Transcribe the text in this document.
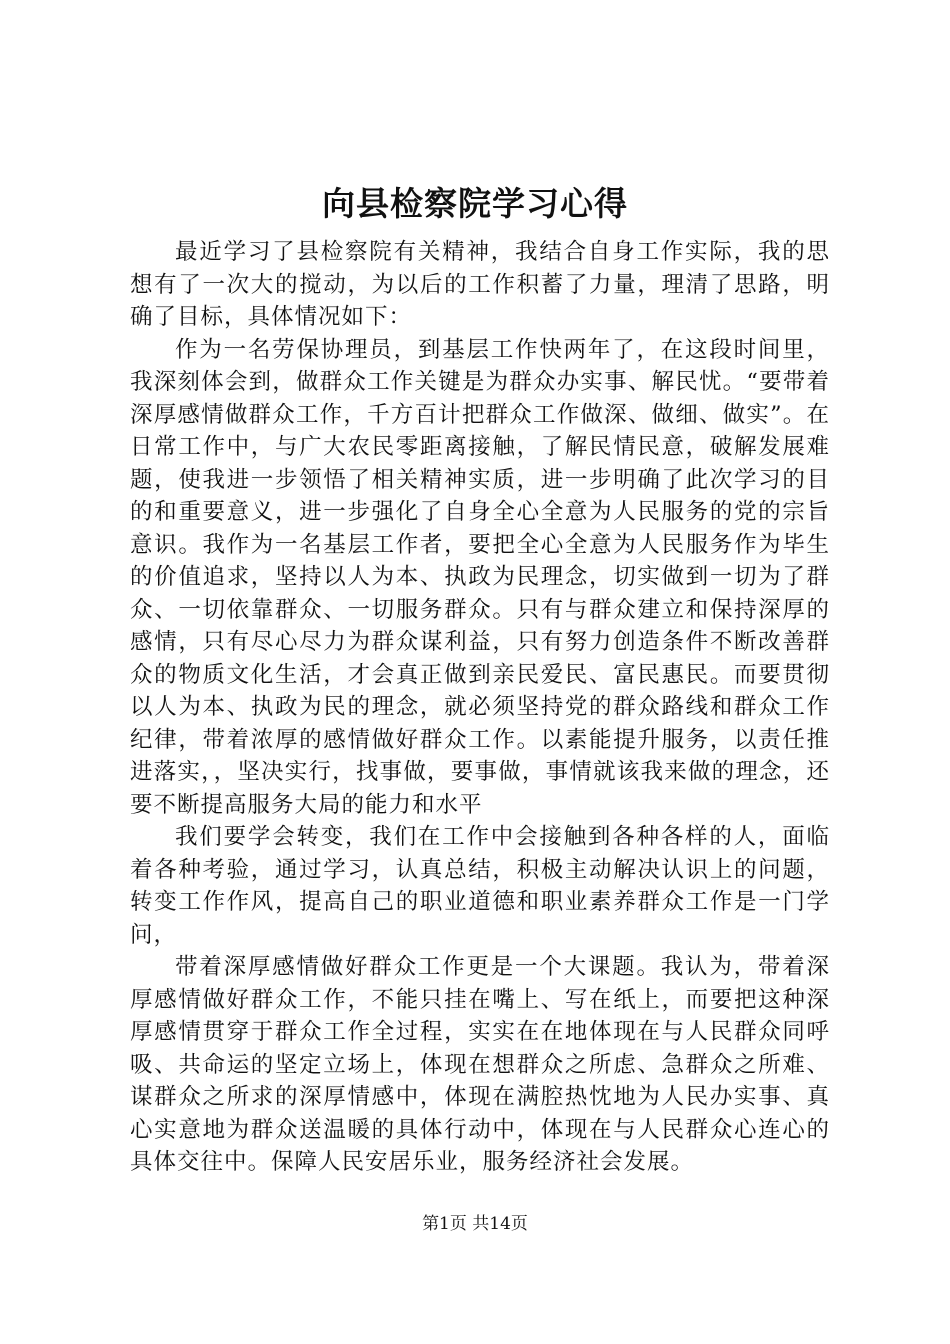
向县检察院学习心得

最近学习了县检察院有关精神，我结合自身工作实际，我的思想有了一次大的搅动，为以后的工作积蓄了力量，理清了思路，明确了目标，具体情况如下：

作为一名劳保协理员，到基层工作快两年了，在这段时间里，我深刻体会到，做群众工作关键是为群众办实事、解民忧。“要带着深厚感情做群众工作，千方百计把群众工作做深、做细、做实”。在日常工作中，与广大农民零距离接触，了解民情民意，破解发展难题，使我进一步领悟了相关精神实质，进一步明确了此次学习的目的和重要意义，进一步强化了自身全心全意为人民服务的党的宗旨意识。我作为一名基层工作者，要把全心全意为人民服务作为毕生的价值追求，坚持以人为本、执政为民理念，切实做到一切为了群众、一切依靠群众、一切服务群众。只有与群众建立和保持深厚的感情，只有尽心尽力为群众谋利益，只有努力创造条件不断改善群众的物质文化生活，才会真正做到亲民爱民、富民惠民。而要贯彻以人为本、执政为民的理念，就必须坚持党的群众路线和群众工作纪律，带着浓厚的感情做好群众工作。以素能提升服务，以责任推进落实，，坚决实行，找事做，要事做，事情就该我来做的理念，还要不断提高服务大局的能力和水平

我们要学会转变，我们在工作中会接触到各种各样的人，面临着各种考验，通过学习，认真总结，积极主动解决认识上的问题，转变工作作风，提高自己的职业道德和职业素养群众工作是一门学问，

带着深厚感情做好群众工作更是一个大课题。我认为，带着深厚感情做好群众工作，不能只挂在嘴上、写在纸上，而要把这种深厚感情贯穿于群众工作全过程，实实在在地体现在与人民群众同呼吸、共命运的坚定立场上，体现在想群众之所虑、急群众之所难、谋群众之所求的深厚情感中，体现在满腔热忱地为人民办实事、真心实意地为群众送温暖的具体行动中，体现在与人民群众心连心的具体交往中。保障人民安居乐业，服务经济社会发展。

第1页 共14页
